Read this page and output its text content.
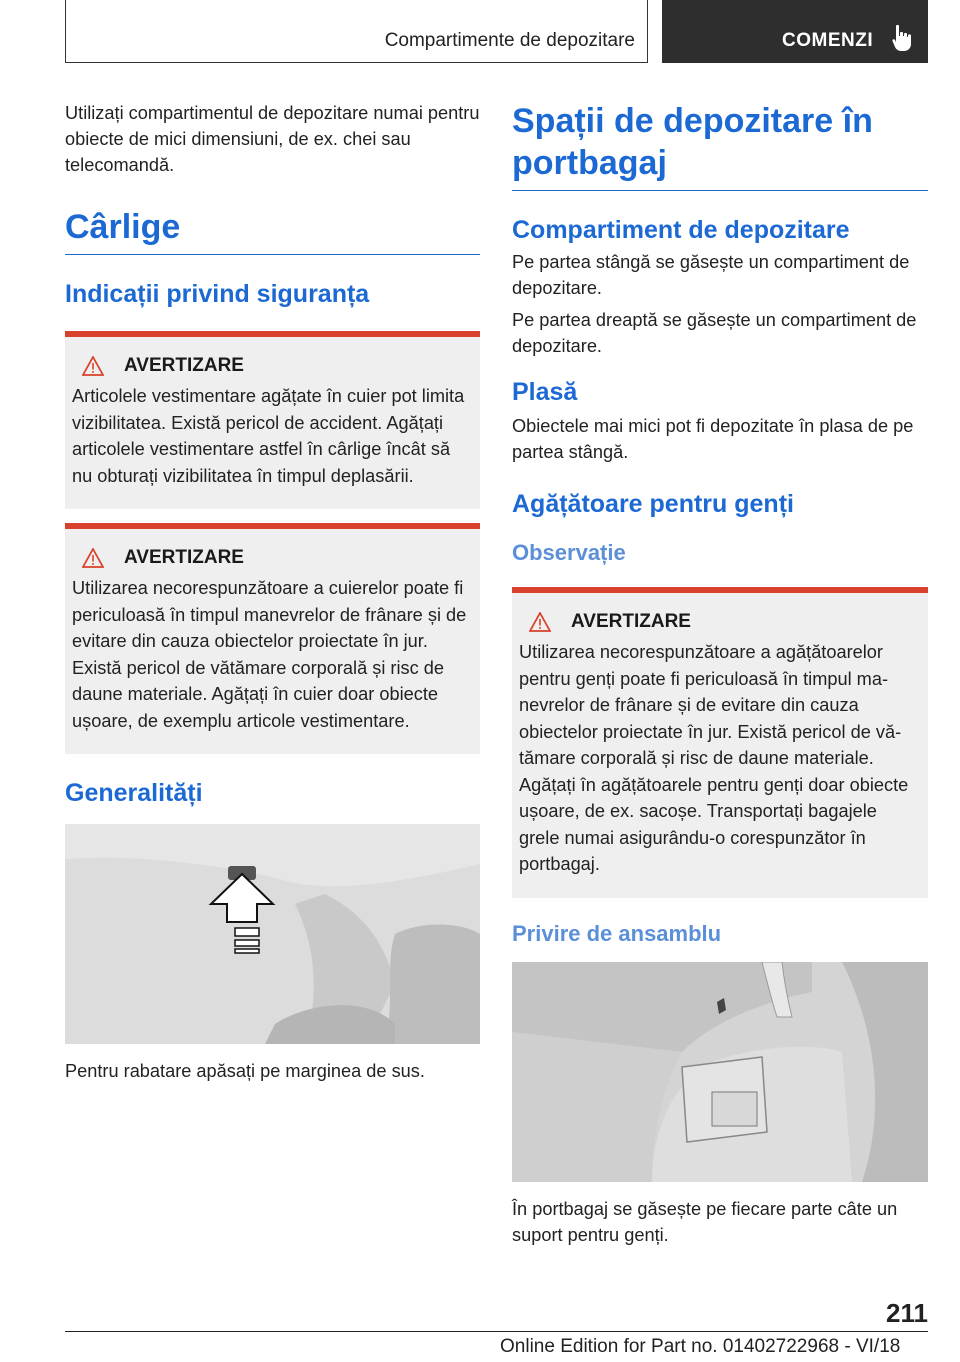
Compartimente de depozitare	COMENZI

Utilizați compartimentul de depozitare numai pentru obiecte de mici dimensiuni, de ex. chei sau telecomandă.

Cârlige
Indicații privind siguranța
AVERTIZARE

Articolele vestimentare agățate în cuier pot limita vizibilitatea. Există pericol de accident. Agățați articolele vestimentare astfel în cârlige încât să nu obturați vizibilitatea în timpul deplasării.

AVERTIZARE

Utilizarea necorespunzătoare a cuierelor poate fi periculoasă în timpul manevrelor de frânare și de evitare din cauza obiectelor proiectate în jur. Există pericol de vătămare corporală și risc de daune materiale. Agățați în cuier doar obiecte ușoare, de exemplu articole vestimentare.

Generalități

Pentru rabatare apăsați pe marginea de sus.

Spații de depozitare în portbagaj
Compartiment de depozitare

Pe partea stângă se găsește un compartiment de depozitare.

Pe partea dreaptă se găsește un compartiment de depozitare.

Plasă

Obiectele mai mici pot fi depozitate în plasa de pe partea stângă.

Agățătoare pentru genți
Observație
AVERTIZARE

Utilizarea necorespunzătoare a agățătoarelor pentru genți poate fi periculoasă în timpul manevrelor de frânare și de evitare din cauza obiectelor proiectate în jur. Există pericol de vătămare corporală și risc de daune materiale. Agățați în agățătoarele pentru genți doar obiecte ușoare, de ex. sacoșe. Transportați bagajele grele numai asigurându-o corespunzător în portbagaj.

Privire de ansamblu

În portbagaj se găsește pe fiecare parte câte un suport pentru genți.

211
Online Edition for Part no. 01402722968 - VI/18
